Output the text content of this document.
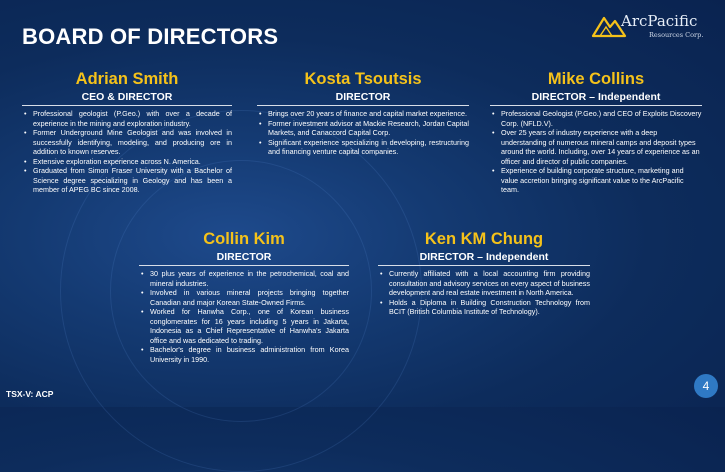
BOARD OF DIRECTORS
ArcPacific
Resources Corp.
Adrian Smith
CEO & DIRECTOR
• Professional geologist (P.Geo.) with over a decade of experience in the mining and exploration industry.
• Former Underground Mine Geologist and was involved in successfully identifying, modeling, and producing ore in addition to known reserves.
• Extensive exploration experience across N. America.
• Graduated from Simon Fraser University with a Bachelor of Science degree specializing in Geology and has been a member of APEG BC since 2008.
Kosta Tsoutsis
DIRECTOR
• Brings over 20 years of finance and capital market experience.
• Former investment advisor at Mackie Research, Jordan Capital Markets, and Canaccord Capital Corp.
• Significant experience specializing in developing, restructuring and financing venture capital companies.
Mike Collins
DIRECTOR – Independent
• Professional Geologist (P.Geo.) and CEO of Exploits Discovery Corp. (NFLD.V).
• Over 25 years of industry experience with a deep understanding of numerous mineral camps and deposit types around the world. Including, over 14 years of experience as an officer and director of public companies.
• Experience of building corporate structure, marketing and value accretion bringing significant value to the ArcPacific team.
Collin Kim
DIRECTOR
• 30 plus years of experience in the petrochemical, coal and mineral industries.
• Involved in various mineral projects bringing together Canadian and major Korean State-Owned Firms.
• Worked for Hanwha Corp., one of Korean business conglomerates for 16 years including 5 years in Jakarta, Indonesia as a Chief Representative of Hanwha's Jakarta office and was dedicated to trading.
• Bachelor's degree in business administration from Korea University in 1990.
Ken KM Chung
DIRECTOR – Independent
• Currently affiliated with a local accounting firm providing consultation and advisory services on every aspect of business development and real estate investment in North America.
• Holds a Diploma in Building Construction Technology from BCIT (British Columbia Institute of Technology).
TSX-V: ACP
4
